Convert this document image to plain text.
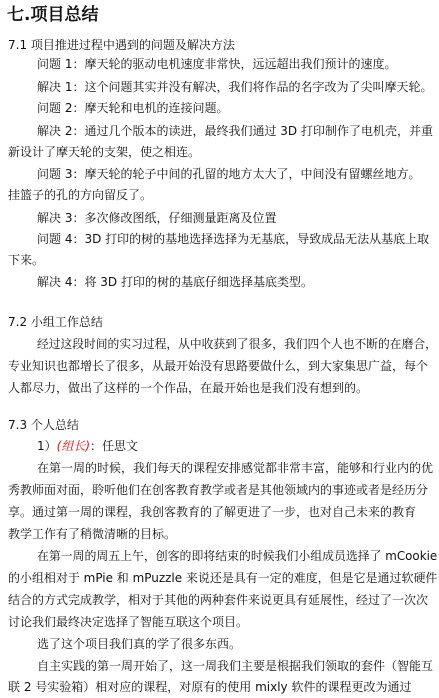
七.项目总结
7.1 项目推进过程中遇到的问题及解决方法
问题 1：摩天轮的驱动电机速度非常快，远远超出我们预计的速度。
解决 1：这个问题其实并没有解决，我们将作品的名字改为了尖叫摩天轮。
问题 2：摩天轮和电机的连接问题。
解决 2：通过几个版本的读进，最终我们通过 3D 打印制作了电机壳，并重
新设计了摩天轮的支架，使之相连。
问题 3：摩天轮的轮子中间的孔留的地方太大了，中间没有留螺丝地方。
挂篮子的孔的方向留反了。
解决 3：多次修改图纸，仔细测量距离及位置
问题 4：3D 打印的树的基地选择选择为无基底，导致成品无法从基底上取
下来。
解决 4：将 3D 打印的树的基底仔细选择基底类型。
7.2 小组工作总结
经过这段时间的实习过程，从中收获到了很多，我们四个人也不断的在磨合，
专业知识也都增长了很多，从最开始没有思路要做什么，到大家集思广益，每个
人都尽力，做出了这样的一个作品，在最开始也是我们没有想到的。
7.3 个人总结
1）(组长)：任思文
在第一周的时候，我们每天的课程安排感觉都非常丰富，能够和行业内的优
秀教师面对面，聆听他们在创客教育教学或者是其他领域内的事迹或者是经历分
享。通过第一周的课程，我创客教育的了解更进了一步，也对自己未来的教育
教学工作有了稍微清晰的目标。
在第一周的周五上午，创客的即将结束的时候我们小组成员选择了 mCookie
的小组相对于 mPie 和 mPuzzle 来说还是具有一定的难度，但是它是通过软硬件
结合的方式完成教学，相对于其他的两种套件来说更具有延展性，经过了一次次
讨论我们最终决定选择了智能互联这个项目。
选了这个项目我们真的学了很多东西。
自主实践的第一周开始了，这一周我们主要是根据我们领取的套件（智能互
联 2 号实验箱）相对应的课程，对原有的使用 mixly 软件的课程更改为通过
